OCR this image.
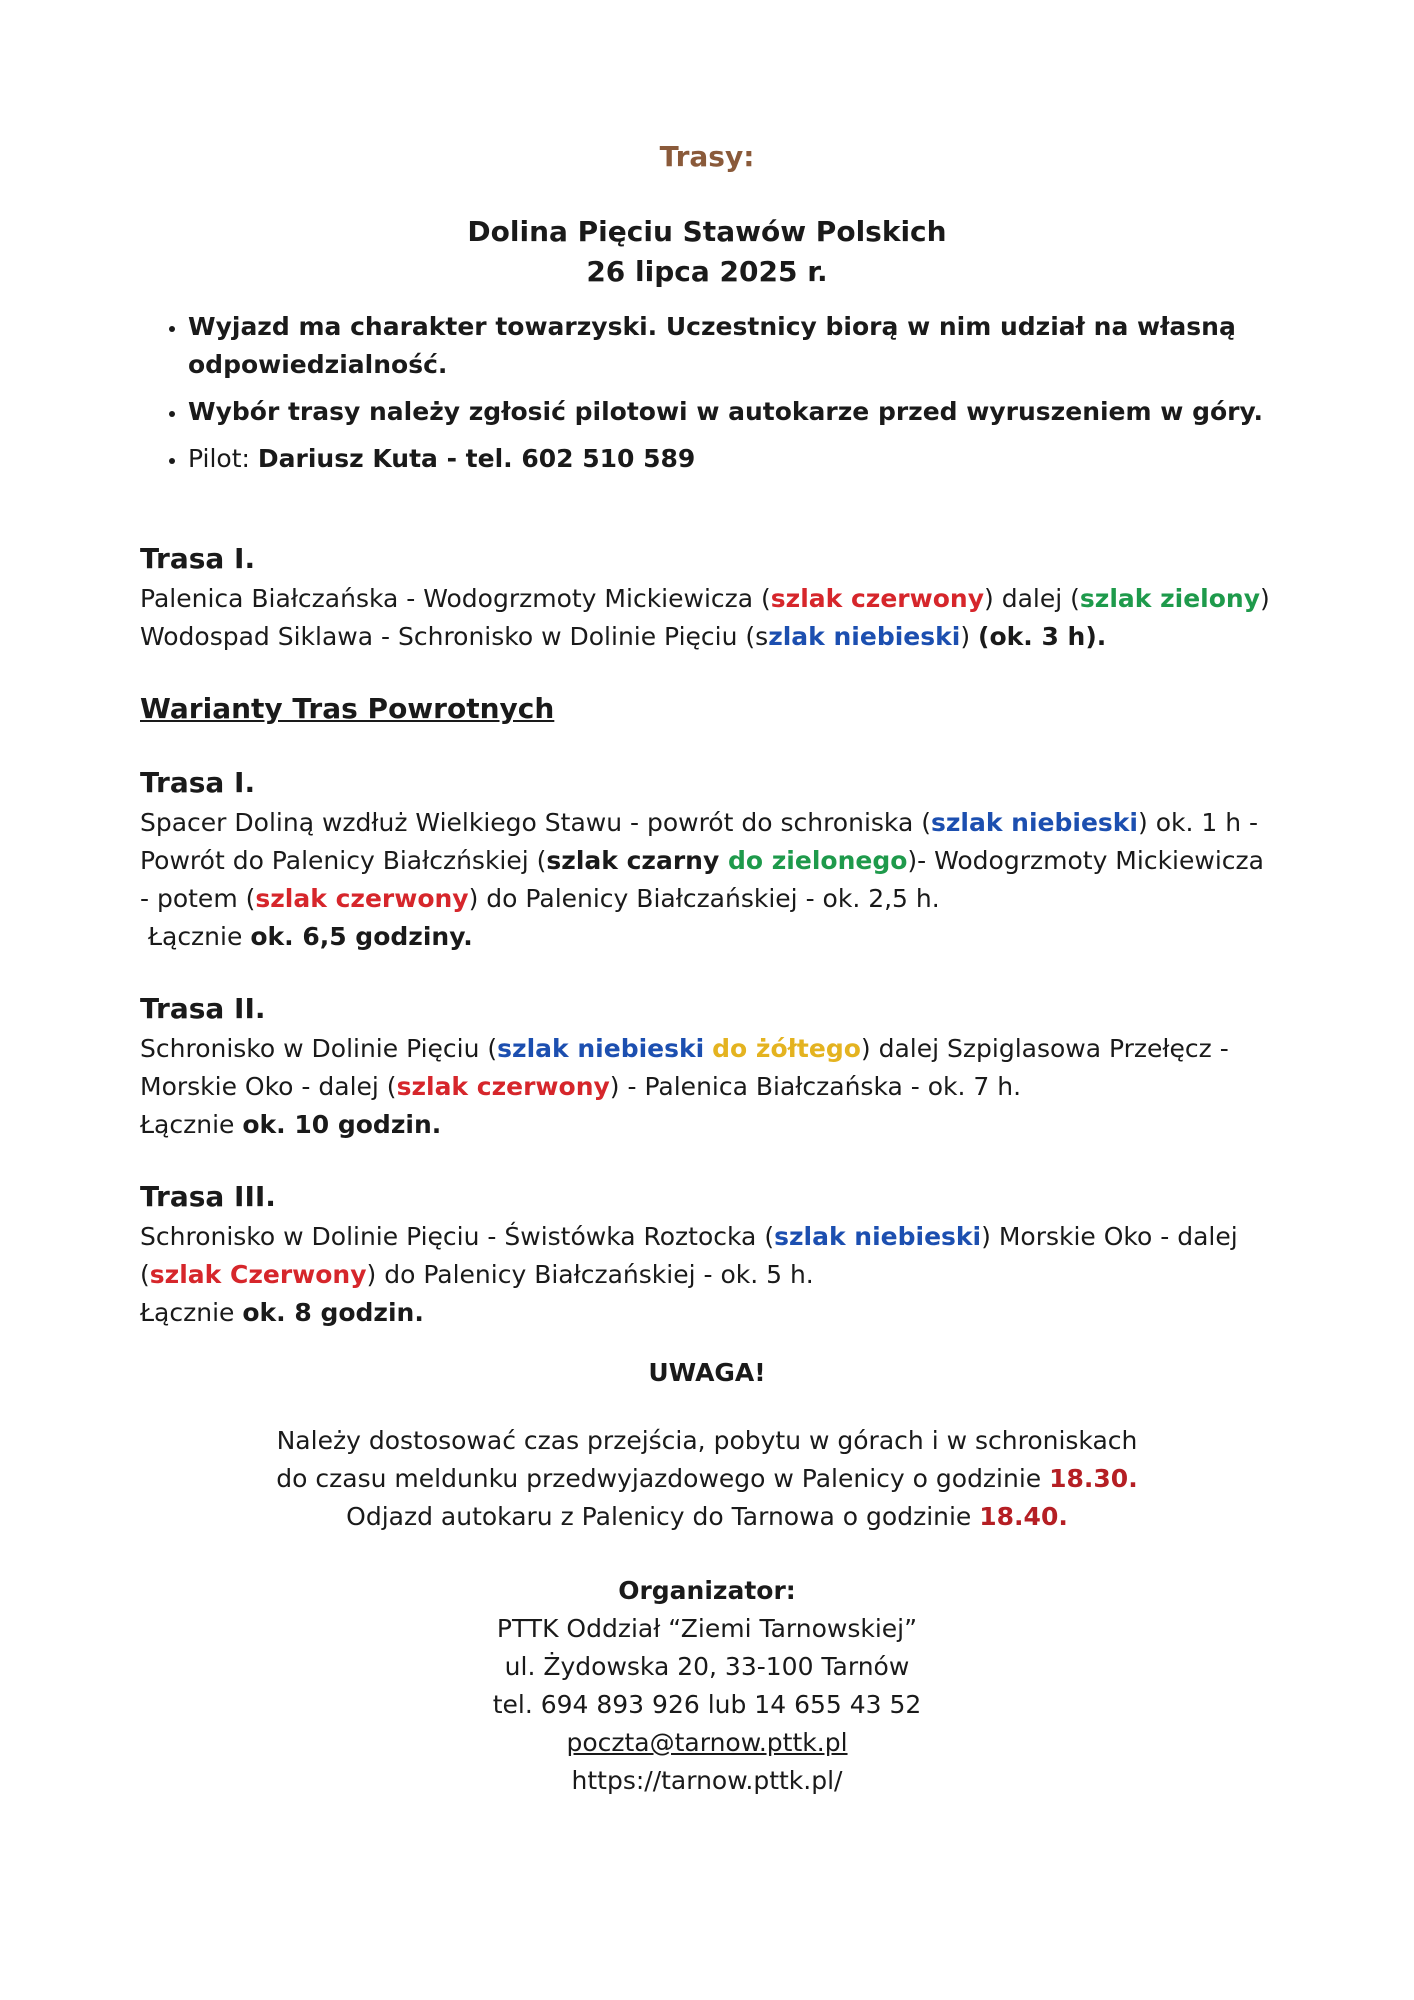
Trasy:
Dolina Pięciu Stawów Polskich
26 lipca 2025 r.
• Wyjazd ma charakter towarzyski. Uczestnicy biorą w nim udział na własną odpowiedzialność.
• Wybór trasy należy zgłosić pilotowi w autokarze przed wyruszeniem w góry.
• Pilot: Dariusz Kuta - tel. 602 510 589
Trasa I.
Palenica Białczańska - Wodogrzmoty Mickiewicza (szlak czerwony) dalej (szlak zielony)
Wodospad Siklawa - Schronisko w Dolinie Pięciu (szlak niebieski) (ok. 3 h).
Warianty Tras Powrotnych
Trasa I.
Spacer Doliną wzdłuż Wielkiego Stawu - powrót do schroniska (szlak niebieski) ok. 1 h -
Powrót do Palenicy Białczńskiej (szlak czarny do zielonego)- Wodogrzmoty Mickiewicza
- potem (szlak czerwony) do Palenicy Białczańskiej - ok. 2,5 h.
Łącznie ok. 6,5 godziny.
Trasa II.
Schronisko w Dolinie Pięciu (szlak niebieski do żółtego) dalej Szpiglasowa Przełęcz -
Morskie Oko - dalej (szlak czerwony) - Palenica Białczańska - ok. 7 h.
Łącznie ok. 10 godzin.
Trasa III.
Schronisko w Dolinie Pięciu - Świstówka Roztocka (szlak niebieski) Morskie Oko - dalej
(szlak Czerwony) do Palenicy Białczańskiej - ok. 5 h.
Łącznie ok. 8 godzin.
UWAGA!
Należy dostosować czas przejścia, pobytu w górach i w schroniskach
do czasu meldunku przedwyjazdowego w Palenicy o godzinie 18.30.
Odjazd autokaru z Palenicy do Tarnowa o godzinie 18.40.
Organizator:
PTTK Oddział “Ziemi Tarnowskiej”
ul. Żydowska 20, 33-100 Tarnów
tel. 694 893 926 lub 14 655 43 52
poczta@tarnow.pttk.pl
https://tarnow.pttk.pl/
